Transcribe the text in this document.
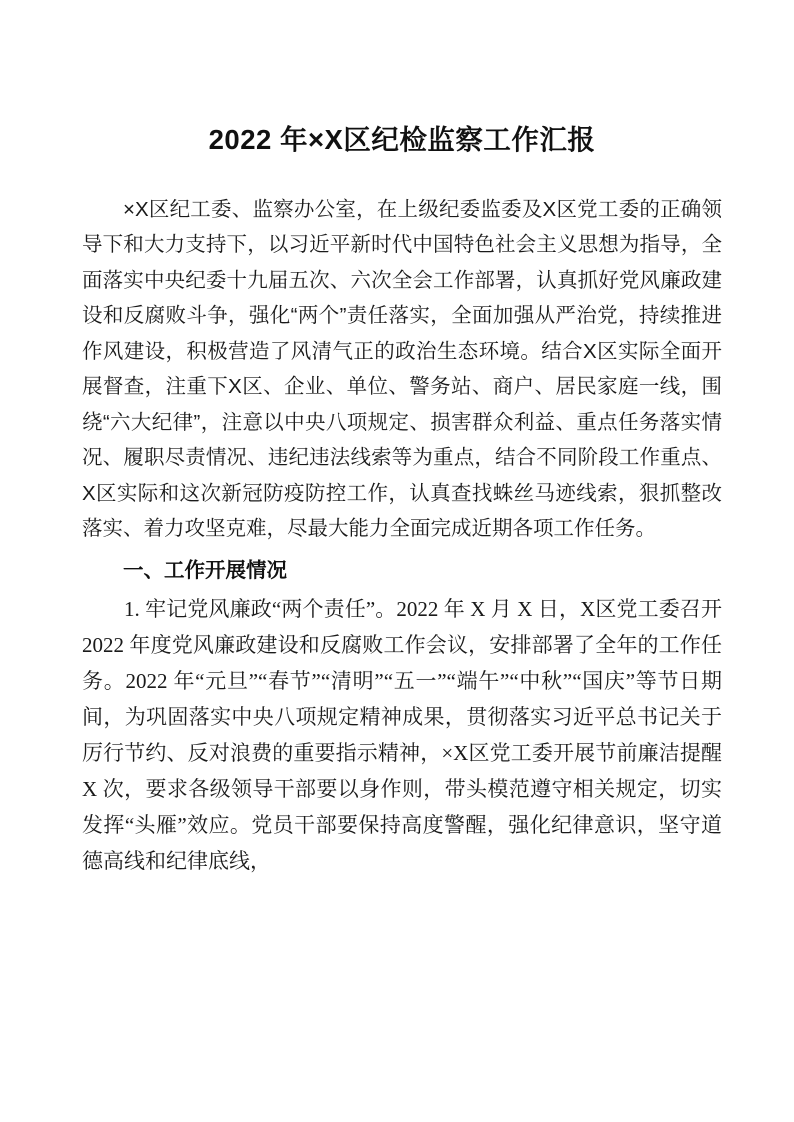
2022 年×X区纪检监察工作汇报

×X区纪工委、监察办公室，在上级纪委监委及X区党工委的正确领导下和大力支持下，以习近平新时代中国特色社会主义思想为指导，全面落实中央纪委十九届五次、六次全会工作部署，认真抓好党风廉政建设和反腐败斗争，强化“两个”责任落实，全面加强从严治党，持续推进作风建设，积极营造了风清气正的政治生态环境。结合X区实际全面开展督查，注重下X区、企业、单位、警务站、商户、居民家庭一线，围绕“六大纪律”，注意以中央八项规定、损害群众利益、重点任务落实情况、履职尽责情况、违纪违法线索等为重点，结合不同阶段工作重点、X区实际和这次新冠防疫防控工作，认真查找蛛丝马迹线索，狠抓整改落实、着力攻坚克难，尽最大能力全面完成近期各项工作任务。

一、工作开展情况

1. 牢记党风廉政“两个责任”。2022 年 X 月 X 日，X区党工委召开 2022 年度党风廉政建设和反腐败工作会议，安排部署了全年的工作任务。2022 年“元旦”“春节”“清明”“五一”“端午”“中秋”“国庆”等节日期间，为巩固落实中央八项规定精神成果，贯彻落实习近平总书记关于厉行节约、反对浪费的重要指示精神，×X区党工委开展节前廉洁提醒 X 次，要求各级领导干部要以身作则，带头模范遵守相关规定，切实发挥“头雁”效应。党员干部要保持高度警醒，强化纪律意识，坚守道德高线和纪律底线，
